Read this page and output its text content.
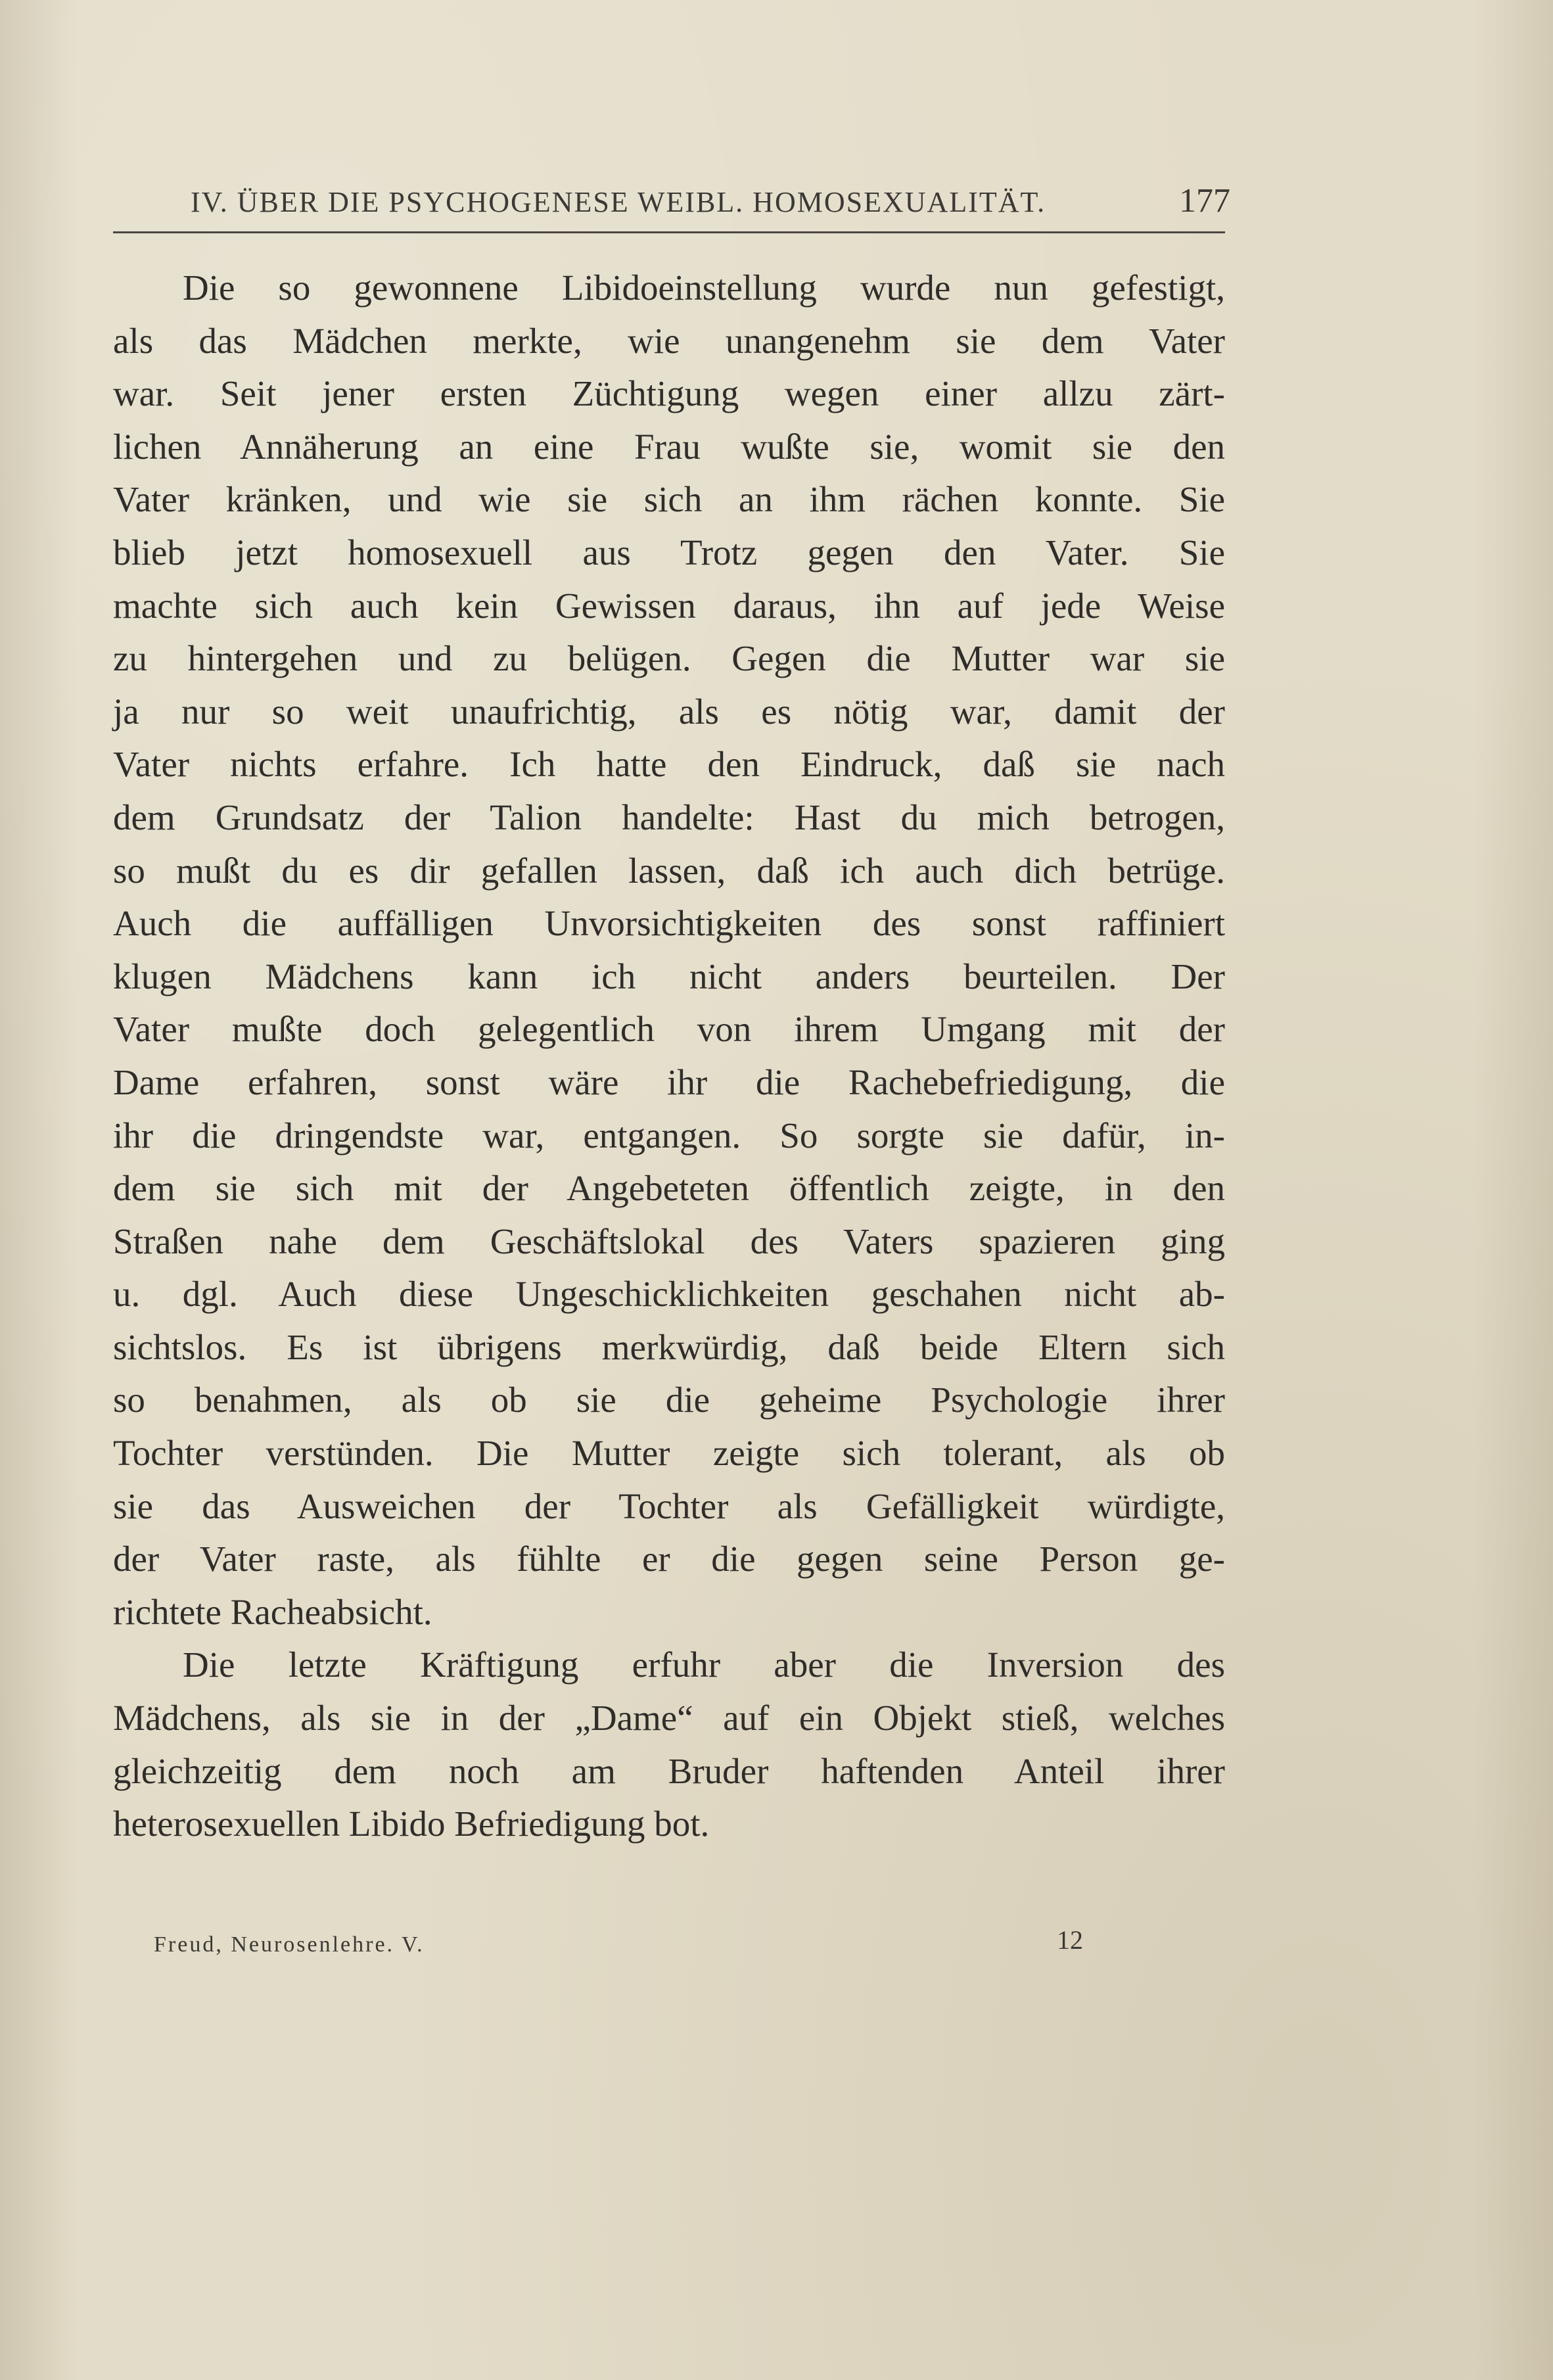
IV. ÜBER DIE PSYCHOGENESE WEIBL. HOMOSEXUALITÄT.	177
Die so gewonnene Libidoeinstellung wurde nun gefestigt,
als das Mädchen merkte, wie unangenehm sie dem Vater
war. Seit jener ersten Züchtigung wegen einer allzu zärt-
lichen Annäherung an eine Frau wußte sie, womit sie den
Vater kränken, und wie sie sich an ihm rächen konnte. Sie
blieb jetzt homosexuell aus Trotz gegen den Vater. Sie
machte sich auch kein Gewissen daraus, ihn auf jede Weise
zu hintergehen und zu belügen. Gegen die Mutter war sie
ja nur so weit unaufrichtig, als es nötig war, damit der
Vater nichts erfahre. Ich hatte den Eindruck, daß sie nach
dem Grundsatz der Talion handelte: Hast du mich betrogen,
so mußt du es dir gefallen lassen, daß ich auch dich betrüge.
Auch die auffälligen Unvorsichtigkeiten des sonst raffiniert
klugen Mädchens kann ich nicht anders beurteilen. Der
Vater mußte doch gelegentlich von ihrem Umgang mit der
Dame erfahren, sonst wäre ihr die Rachebefriedigung, die
ihr die dringendste war, entgangen. So sorgte sie dafür, in-
dem sie sich mit der Angebeteten öffentlich zeigte, in den
Straßen nahe dem Geschäftslokal des Vaters spazieren ging
u. dgl. Auch diese Ungeschicklichkeiten geschahen nicht ab-
sichtslos. Es ist übrigens merkwürdig, daß beide Eltern sich
so benahmen, als ob sie die geheime Psychologie ihrer
Tochter verstünden. Die Mutter zeigte sich tolerant, als ob
sie das Ausweichen der Tochter als Gefälligkeit würdigte,
der Vater raste, als fühlte er die gegen seine Person ge-
richtete Racheabsicht.
Die letzte Kräftigung erfuhr aber die Inversion des
Mädchens, als sie in der „Dame“ auf ein Objekt stieß, welches
gleichzeitig dem noch am Bruder haftenden Anteil ihrer
heterosexuellen Libido Befriedigung bot.
Freud, Neurosenlehre. V.	12
